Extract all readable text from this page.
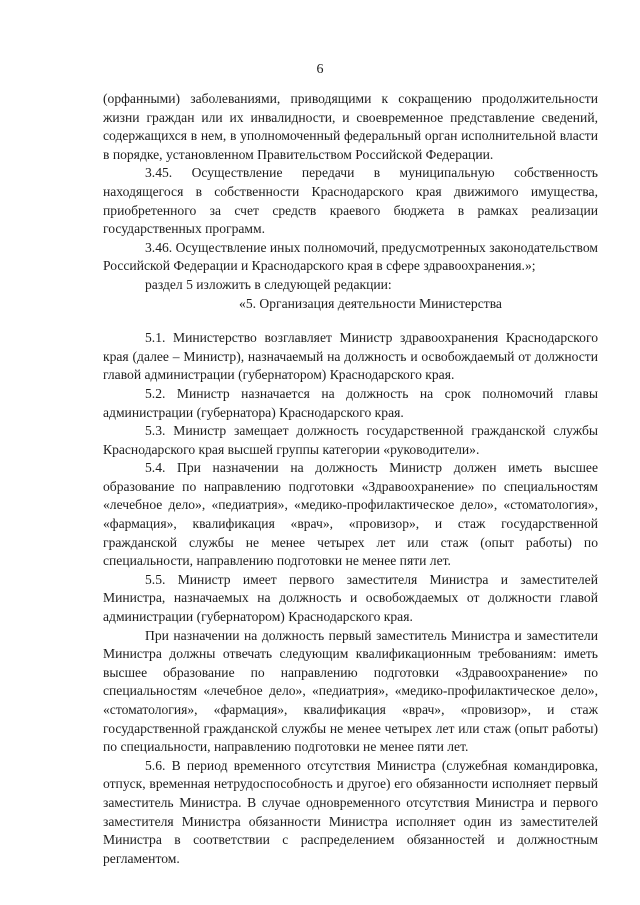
6

(орфанными) заболеваниями, приводящими к сокращению продолжительности жизни граждан или их инвалидности, и своевременное представление сведений, содержащихся в нем, в уполномоченный федеральный орган исполнительной власти в порядке, установленном Правительством Российской Федерации.

3.45. Осуществление передачи в муниципальную собственность находящегося в собственности Краснодарского края движимого имущества, приобретенного за счет средств краевого бюджета в рамках реализации государственных программ.

3.46. Осуществление иных полномочий, предусмотренных законодательством Российской Федерации и Краснодарского края в сфере здравоохранения.»;

раздел 5 изложить в следующей редакции:

«5. Организация деятельности Министерства

5.1. Министерство возглавляет Министр здравоохранения Краснодарского края (далее – Министр), назначаемый на должность и освобождаемый от должности главой администрации (губернатором) Краснодарского края.

5.2. Министр назначается на должность на срок полномочий главы администрации (губернатора) Краснодарского края.

5.3. Министр замещает должность государственной гражданской службы Краснодарского края высшей группы категории «руководители».

5.4. При назначении на должность Министр должен иметь высшее образование по направлению подготовки «Здравоохранение» по специальностям «лечебное дело», «педиатрия», «медико-профилактическое дело», «стоматология», «фармация», квалификация «врач», «провизор», и стаж государственной гражданской службы не менее четырех лет или стаж (опыт работы) по специальности, направлению подготовки не менее пяти лет.

5.5. Министр имеет первого заместителя Министра и заместителей Министра, назначаемых на должность и освобождаемых от должности главой администрации (губернатором) Краснодарского края.

При назначении на должность первый заместитель Министра и заместители Министра должны отвечать следующим квалификационным требованиям: иметь высшее образование по направлению подготовки «Здравоохранение» по специальностям «лечебное дело», «педиатрия», «медико-профилактическое дело», «стоматология», «фармация», квалификация «врач», «провизор», и стаж государственной гражданской службы не менее четырех лет или стаж (опыт работы) по специальности, направлению подготовки не менее пяти лет.

5.6. В период временного отсутствия Министра (служебная командировка, отпуск, временная нетрудоспособность и другое) его обязанности исполняет первый заместитель Министра. В случае одновременного отсутствия Министра и первого заместителя Министра обязанности Министра исполняет один из заместителей Министра в соответствии с распределением обязанностей и должностным регламентом.
